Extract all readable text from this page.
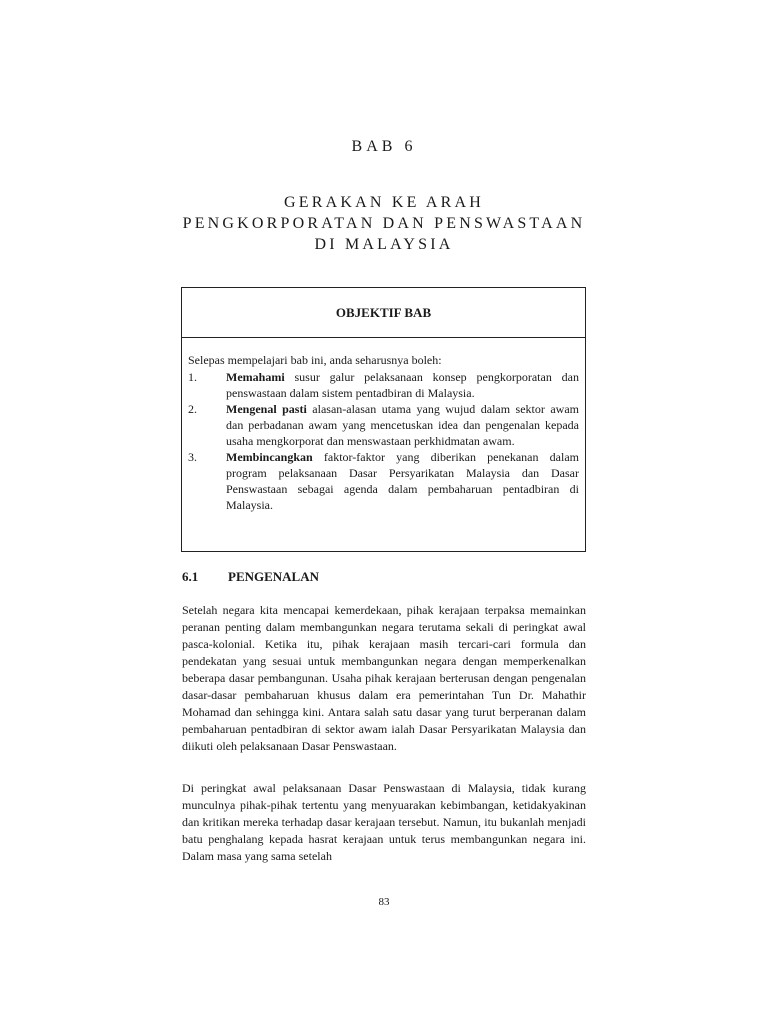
BAB 6
GERAKAN KE ARAH
PENGKORPORATAN DAN PENSWASTAAN
DI MALAYSIA
OBJEKTIF BAB
Selepas mempelajari bab ini, anda seharusnya boleh:
1.	Memahami susur galur pelaksanaan konsep pengkorporatan dan penswastaan dalam sistem pentadbiran di Malaysia.
2.	Mengenal pasti alasan-alasan utama yang wujud dalam sektor awam dan perbadanan awam yang mencetuskan idea dan pengenalan kepada usaha mengkorporat dan menswastaan perkhidmatan awam.
3.	Membincangkan faktor-faktor yang diberikan penekanan dalam program pelaksanaan Dasar Persyarikatan Malaysia dan Dasar Penswastaan sebagai agenda dalam pembaharuan pentadbiran di Malaysia.
6.1	PENGENALAN
Setelah negara kita mencapai kemerdekaan, pihak kerajaan terpaksa memainkan peranan penting dalam membangunkan negara terutama sekali di peringkat awal pasca-kolonial. Ketika itu, pihak kerajaan masih tercari-cari formula dan pendekatan yang sesuai untuk membangunkan negara dengan memperkenalkan beberapa dasar pembangunan. Usaha pihak kerajaan berterusan dengan pengenalan dasar-dasar pembaharuan khusus dalam era pemerintahan Tun Dr. Mahathir Mohamad dan sehingga kini. Antara salah satu dasar yang turut berperanan dalam pembaharuan pentadbiran di sektor awam ialah Dasar Persyarikatan Malaysia dan diikuti oleh pelaksanaan Dasar Penswastaan.
Di peringkat awal pelaksanaan Dasar Penswastaan di Malaysia, tidak kurang munculnya pihak-pihak tertentu yang menyuarakan kebimbangan, ketidakyakinan dan kritikan mereka terhadap dasar kerajaan tersebut. Namun, itu bukanlah menjadi batu penghalang kepada hasrat kerajaan untuk terus membangunkan negara ini. Dalam masa yang sama setelah
83
